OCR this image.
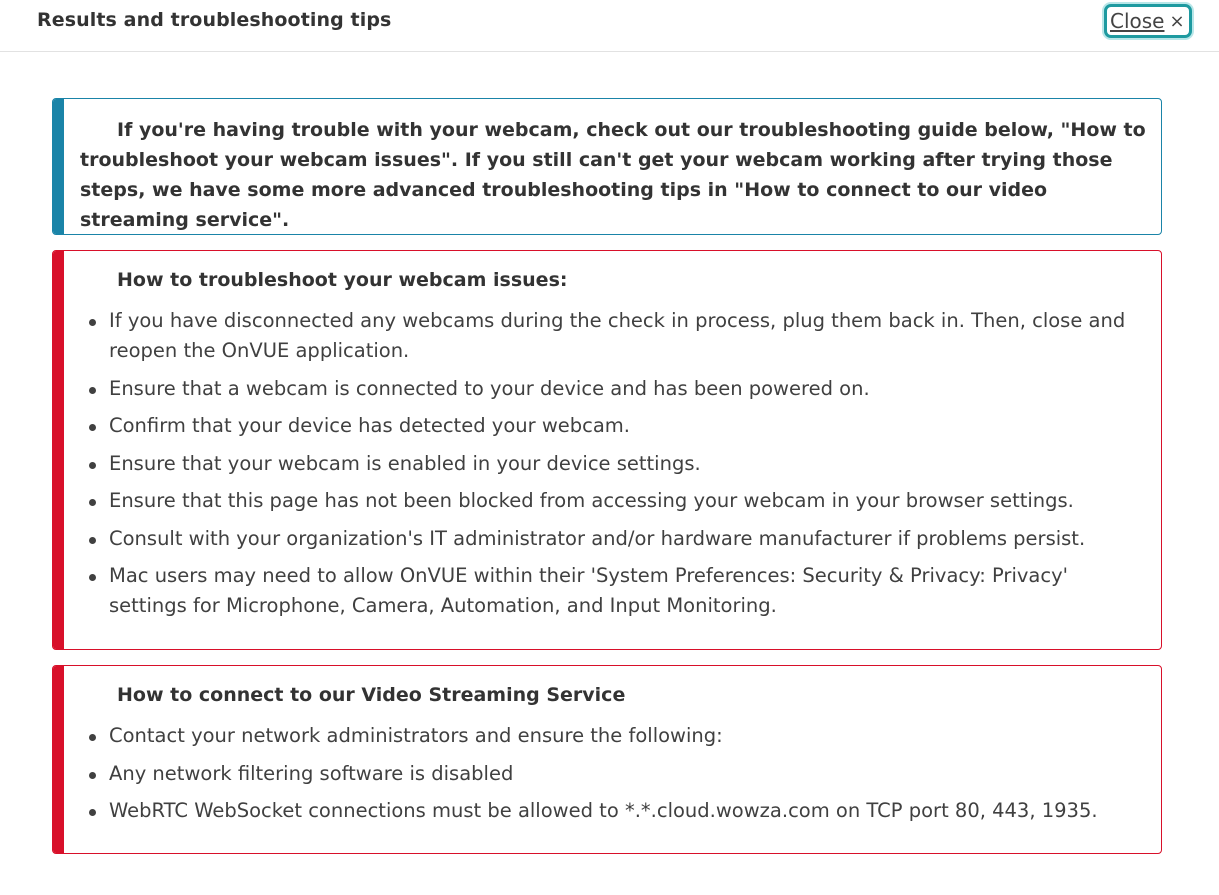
Results and troubleshooting tips	Close ×
If you're having trouble with your webcam, check out our troubleshooting guide below, "How to troubleshoot your webcam issues". If you still can't get your webcam working after trying those steps, we have some more advanced troubleshooting tips in "How to connect to our video streaming service".
How to troubleshoot your webcam issues:
If you have disconnected any webcams during the check in process, plug them back in. Then, close and reopen the OnVUE application.
Ensure that a webcam is connected to your device and has been powered on.
Confirm that your device has detected your webcam.
Ensure that your webcam is enabled in your device settings.
Ensure that this page has not been blocked from accessing your webcam in your browser settings.
Consult with your organization's IT administrator and/or hardware manufacturer if problems persist.
Mac users may need to allow OnVUE within their 'System Preferences: Security & Privacy: Privacy' settings for Microphone, Camera, Automation, and Input Monitoring.
How to connect to our Video Streaming Service
Contact your network administrators and ensure the following:
Any network filtering software is disabled
WebRTC WebSocket connections must be allowed to *.*.cloud.wowza.com on TCP port 80, 443, 1935.
